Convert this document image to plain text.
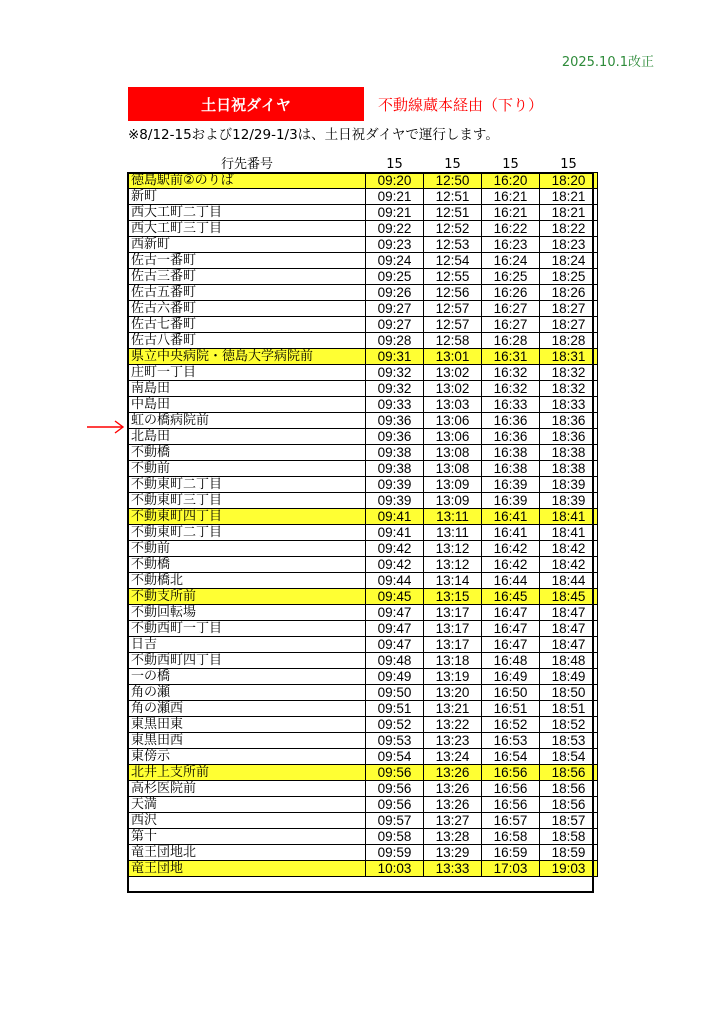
2025.10.1改正
土日祝ダイヤ	不動線蔵本経由（下り）
※8/12-15および12/29-1/3は、土日祝ダイヤで運行します。
行先番号	15	15	15	15
徳島駅前②のりば	09:20	12:50	16:20	18:20
新町	09:21	12:51	16:21	18:21
西大工町二丁目	09:21	12:51	16:21	18:21
西大工町三丁目	09:22	12:52	16:22	18:22
西新町	09:23	12:53	16:23	18:23
佐古一番町	09:24	12:54	16:24	18:24
佐古三番町	09:25	12:55	16:25	18:25
佐古五番町	09:26	12:56	16:26	18:26
佐古六番町	09:27	12:57	16:27	18:27
佐古七番町	09:27	12:57	16:27	18:27
佐古八番町	09:28	12:58	16:28	18:28
県立中央病院・徳島大学病院前	09:31	13:01	16:31	18:31
庄町一丁目	09:32	13:02	16:32	18:32
南島田	09:32	13:02	16:32	18:32
中島田	09:33	13:03	16:33	18:33
虹の橋病院前	09:36	13:06	16:36	18:36
北島田	09:36	13:06	16:36	18:36
不動橋	09:38	13:08	16:38	18:38
不動前	09:38	13:08	16:38	18:38
不動東町二丁目	09:39	13:09	16:39	18:39
不動東町三丁目	09:39	13:09	16:39	18:39
不動東町四丁目	09:41	13:11	16:41	18:41
不動東町二丁目	09:41	13:11	16:41	18:41
不動前	09:42	13:12	16:42	18:42
不動橋	09:42	13:12	16:42	18:42
不動橋北	09:44	13:14	16:44	18:44
不動支所前	09:45	13:15	16:45	18:45
不動回転場	09:47	13:17	16:47	18:47
不動西町一丁目	09:47	13:17	16:47	18:47
日吉	09:47	13:17	16:47	18:47
不動西町四丁目	09:48	13:18	16:48	18:48
一の橋	09:49	13:19	16:49	18:49
角の瀬	09:50	13:20	16:50	18:50
角の瀬西	09:51	13:21	16:51	18:51
東黒田東	09:52	13:22	16:52	18:52
東黒田西	09:53	13:23	16:53	18:53
東傍示	09:54	13:24	16:54	18:54
北井上支所前	09:56	13:26	16:56	18:56
高杉医院前	09:56	13:26	16:56	18:56
天満	09:56	13:26	16:56	18:56
西沢	09:57	13:27	16:57	18:57
第十	09:58	13:28	16:58	18:58
竜王団地北	09:59	13:29	16:59	18:59
竜王団地	10:03	13:33	17:03	19:03
